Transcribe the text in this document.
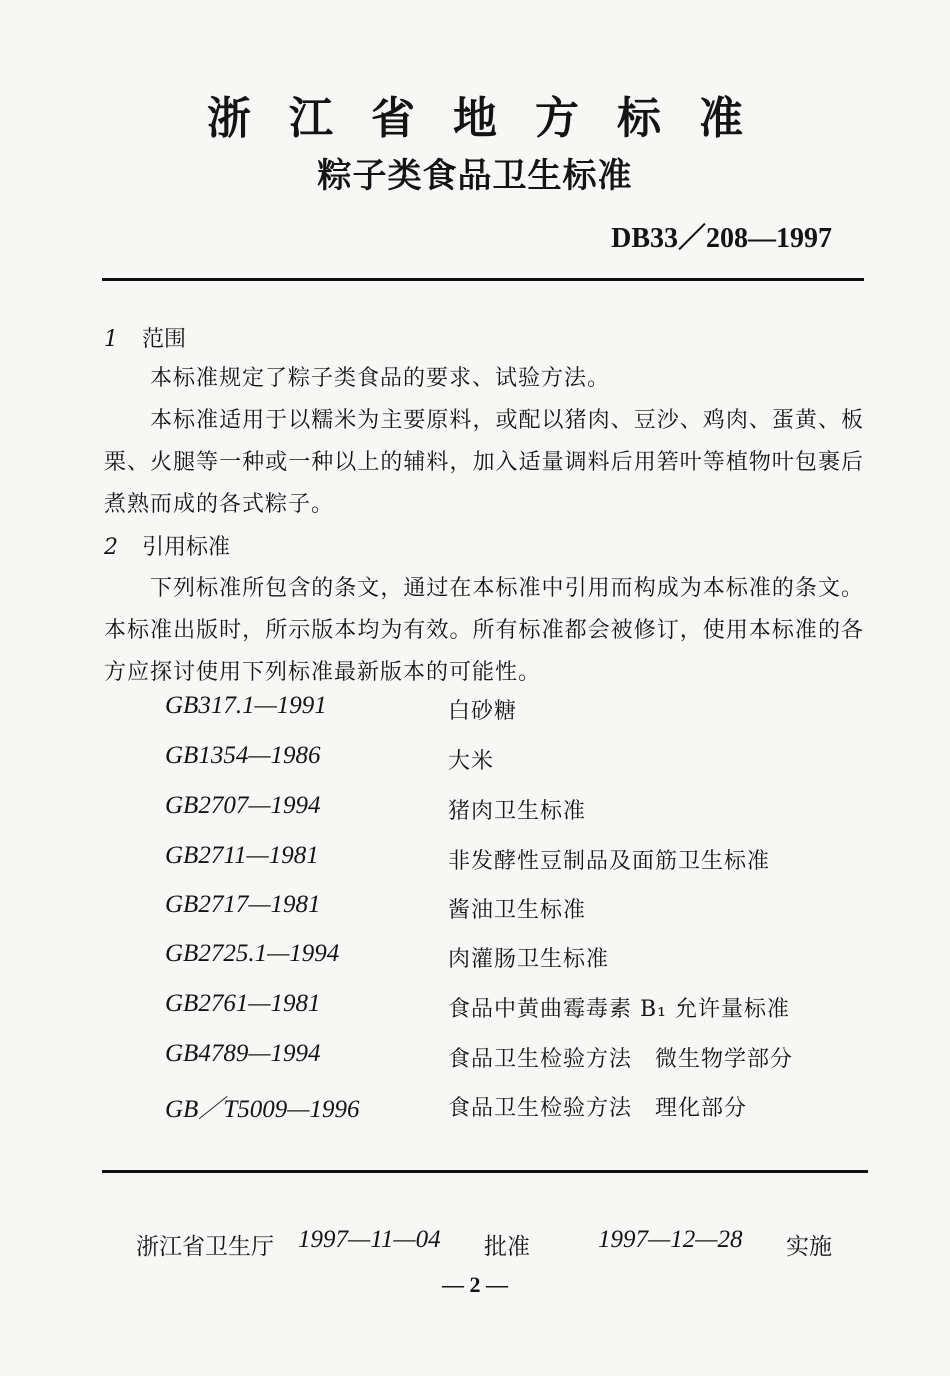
浙江省地方标准
粽子类食品卫生标准
DB33／208—1997
1 范围
本标准规定了粽子类食品的要求、试验方法。
本标准适用于以糯米为主要原料，或配以猪肉、豆沙、鸡肉、蛋黄、板栗、火腿等一种或一种以上的辅料，加入适量调料后用箬叶等植物叶包裹后煮熟而成的各式粽子。
2 引用标准
下列标准所包含的条文，通过在本标准中引用而构成为本标准的条文。本标准出版时，所示版本均为有效。所有标准都会被修订，使用本标准的各方应探讨使用下列标准最新版本的可能性。
GB317.1—1991	白砂糖
GB1354—1986	大米
GB2707—1994	猪肉卫生标准
GB2711—1981	非发酵性豆制品及面筋卫生标准
GB2717—1981	酱油卫生标准
GB2725.1—1994	肉灌肠卫生标准
GB2761—1981	食品中黄曲霉毒素 B₁ 允许量标准
GB4789—1994	食品卫生检验方法　微生物学部分
GB／T5009—1996	食品卫生检验方法　理化部分
浙江省卫生厅 1997—11—04 批准	1997—12—28 实施
— 2 —
